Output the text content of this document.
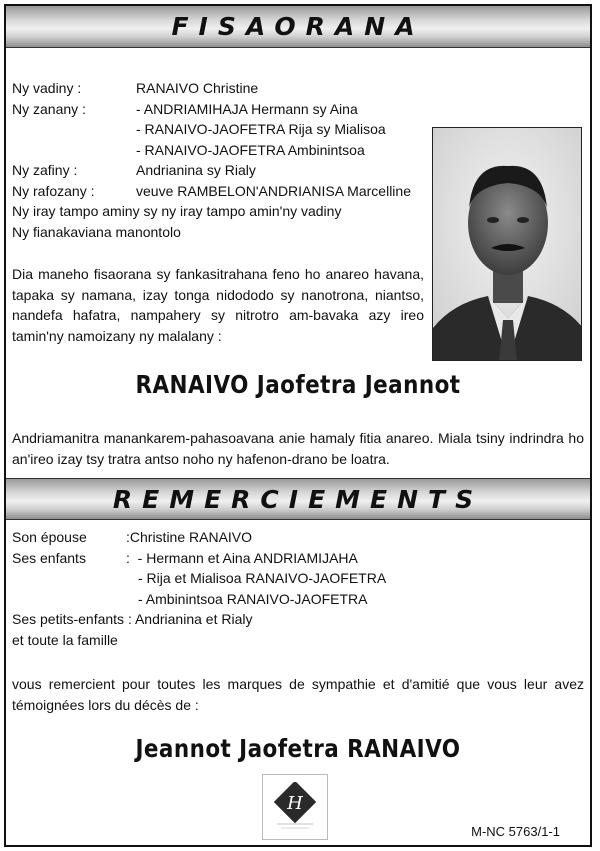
FISAORANA
Ny vadiny :	RANAIVO Christine
Ny zanany :	- ANDRIAMIHAJA Hermann sy Aina
- RANAIVO-JAOFETRA Rija sy Mialisoa
- RANAIVO-JAOFETRA Ambinintsoa
Ny zafiny :	Andrianina sy Rialy
Ny rafozany :	veuve RAMBELON'ANDRIANISA Marcelline
Ny iray tampo aminy sy ny iray tampo amin'ny vadiny
Ny fianakaviana manontolo
Dia maneho fisaorana sy fankasitrahana feno ho anareo havana, tapaka sy namana, izay tonga nidododo sy nanotrona, niantso, nandefa hafatra, nampahery sy nitrotro am-bavaka azy ireo tamin'ny namoizany ny malalany :
RANAIVO Jaofetra Jeannot
Andriamanitra manankarem-pahasoavana anie hamaly fitia anareo. Miala tsiny indrindra ho an'ireo izay tsy tratra antso noho ny hafenon-drano be loatra.
REMERCIEMENTS
Son épouse	: Christine RANAIVO
Ses enfants	: - Hermann et Aina ANDRIAMIJAHA
- Rija et Mialisoa RANAIVO-JAOFETRA
- Ambinintsoa RANAIVO-JAOFETRA
Ses petits-enfants : Andrianina et Rialy
et toute la famille
vous remercient pour toutes les marques de sympathie et d'amitié que vous leur avez témoignées lors du décès de :
Jeannot Jaofetra RANAIVO
H
M-NC 5763/1-1
